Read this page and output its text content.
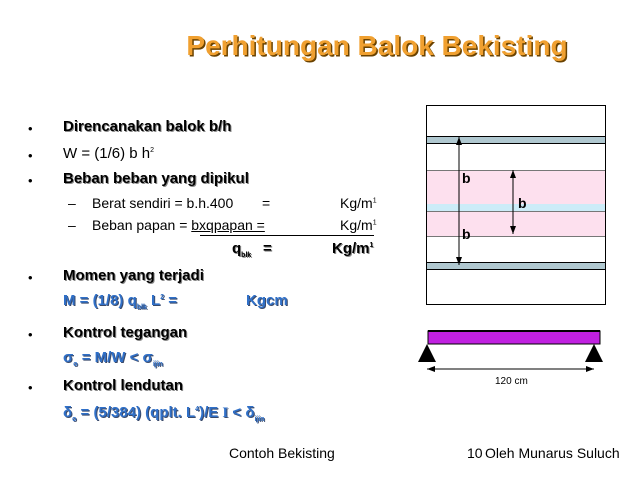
Perhitungan Balok Bekisting
• Direncanakan balok b/h
• W = (1/6) b $h^2$
• Beban beban yang dipikul
– Berat sendiri = b.h.400 =	$Kg/m^1$
– Beban papan = bxqpapan =	$Kg/m^1$
$q_{blk}$ =	$Kg/m^1$
• Momen yang terjadi
M = (1/8) $q_{blk}$ $L^2$ =	Kgcm
• Kontrol tegangan
$\sigma_o = M/W < \sigma_{ijin}$
• Kontrol lendutan
$\delta_o = (5/384)$ (qplt. $L^4)/E$ $I < \delta_{ijin}$
b
b
b
120 cm
Contoh Bekisting	10 Oleh Munarus Suluch
